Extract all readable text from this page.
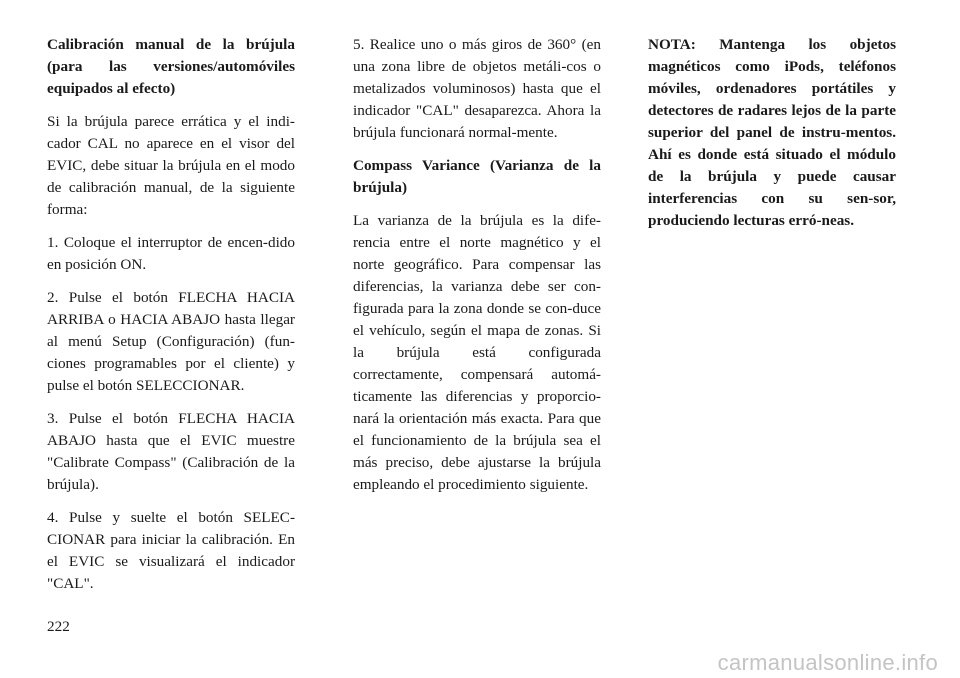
Calibración manual de la brújula (para las versiones/automóviles equipados al efecto)

Si la brújula parece errática y el indi-cador CAL no aparece en el visor del EVIC, debe situar la brújula en el modo de calibración manual, de la siguiente forma:

1. Coloque el interruptor de encen-dido en posición ON.

2. Pulse el botón FLECHA HACIA ARRIBA o HACIA ABAJO hasta llegar al menú Setup (Configuración) (fun-ciones programables por el cliente) y pulse el botón SELECCIONAR.

3. Pulse el botón FLECHA HACIA ABAJO hasta que el EVIC muestre "Calibrate Compass" (Calibración de la brújula).

4. Pulse y suelte el botón SELEC-CIONAR para iniciar la calibración. En el EVIC se visualizará el indicador "CAL".

5. Realice uno o más giros de 360° (en una zona libre de objetos metáli-cos o metalizados voluminosos) hasta que el indicador "CAL" desaparezca. Ahora la brújula funcionará normal-mente.

Compass Variance (Varianza de la brújula)

La varianza de la brújula es la dife-rencia entre el norte magnético y el norte geográfico. Para compensar las diferencias, la varianza debe ser con-figurada para la zona donde se con-duce el vehículo, según el mapa de zonas. Si la brújula está configurada correctamente, compensará automá-ticamente las diferencias y proporcio-nará la orientación más exacta. Para que el funcionamiento de la brújula sea el más preciso, debe ajustarse la brújula empleando el procedimiento siguiente.

NOTA: Mantenga los objetos magnéticos como iPods, teléfonos móviles, ordenadores portátiles y detectores de radares lejos de la parte superior del panel de instru-mentos. Ahí es donde está situado el módulo de la brújula y puede causar interferencias con su sen-sor, produciendo lecturas erró-neas.

222
carmanualsonline.info
